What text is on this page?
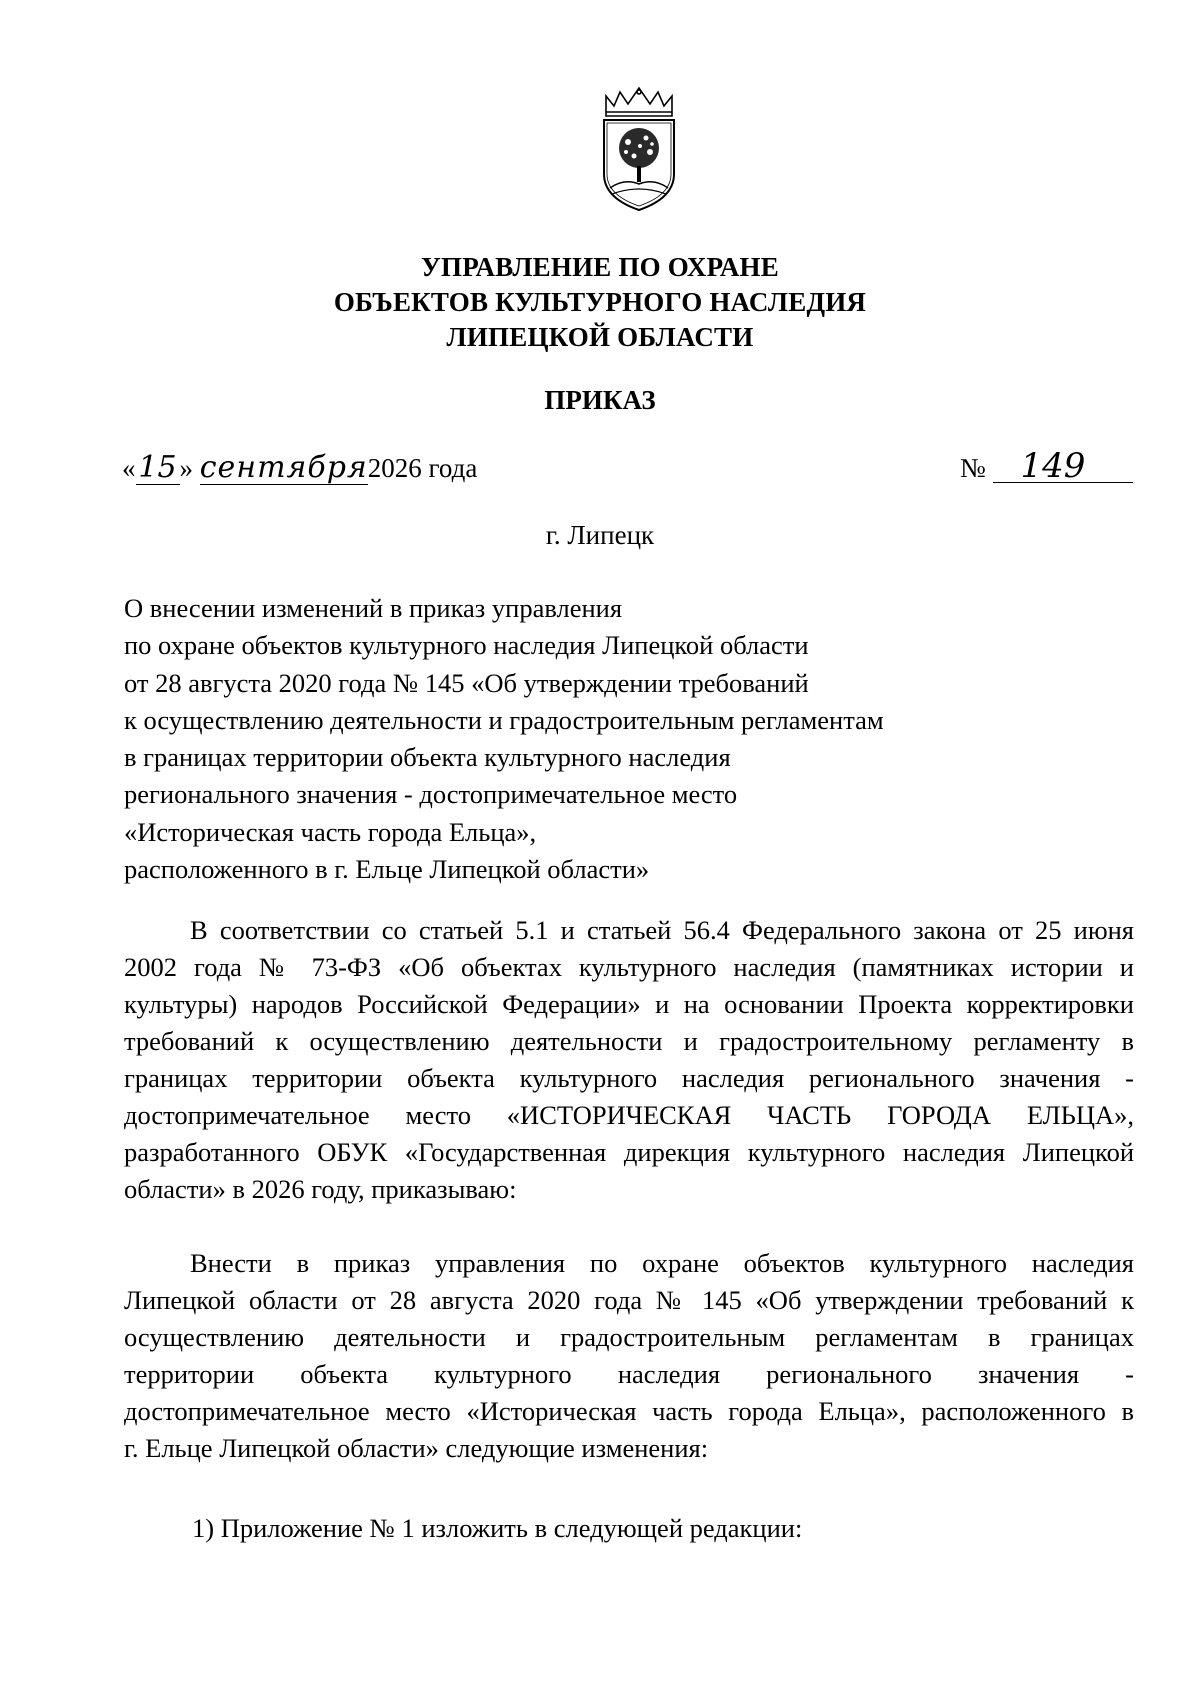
УПРАВЛЕНИЕ ПО ОХРАНЕ
ОБЪЕКТОВ КУЛЬТУРНОГО НАСЛЕДИЯ
ЛИПЕЦКОЙ ОБЛАСТИ
ПРИКАЗ
«15 » сентября2026 года	№ 149
г. Липецк
О внесении изменений в приказ управления
по охране объектов культурного наследия Липецкой области
от 28 августа 2020 года № 145 «Об утверждении требований
к осуществлению деятельности и градостроительным регламентам
в границах территории объекта культурного наследия
регионального значения - достопримечательное место
«Историческая часть города Ельца»,
расположенного в г. Ельце Липецкой области»
В соответствии со статьей 5.1 и статьей 56.4 Федерального закона от 25 июня
2002 года № 73-ФЗ «Об объектах культурного наследия (памятниках истории и
культуры) народов Российской Федерации» и на основании Проекта корректировки
требований к осуществлению деятельности и градостроительному регламенту в
границах территории объекта культурного наследия регионального значения -
достопримечательное место «ИСТОРИЧЕСКАЯ ЧАСТЬ ГОРОДА ЕЛЬЦА»,
разработанного ОБУК «Государственная дирекция культурного наследия Липецкой
области» в 2026 году, приказываю:
Внести в приказ управления по охране объектов культурного наследия
Липецкой области от 28 августа 2020 года № 145 «Об утверждении требований к
осуществлению деятельности и градостроительным регламентам в границах
территории объекта культурного наследия регионального значения -
достопримечательное место «Историческая часть города Ельца», расположенного в
г. Ельце Липецкой области» следующие изменения:
1) Приложение № 1 изложить в следующей редакции:
